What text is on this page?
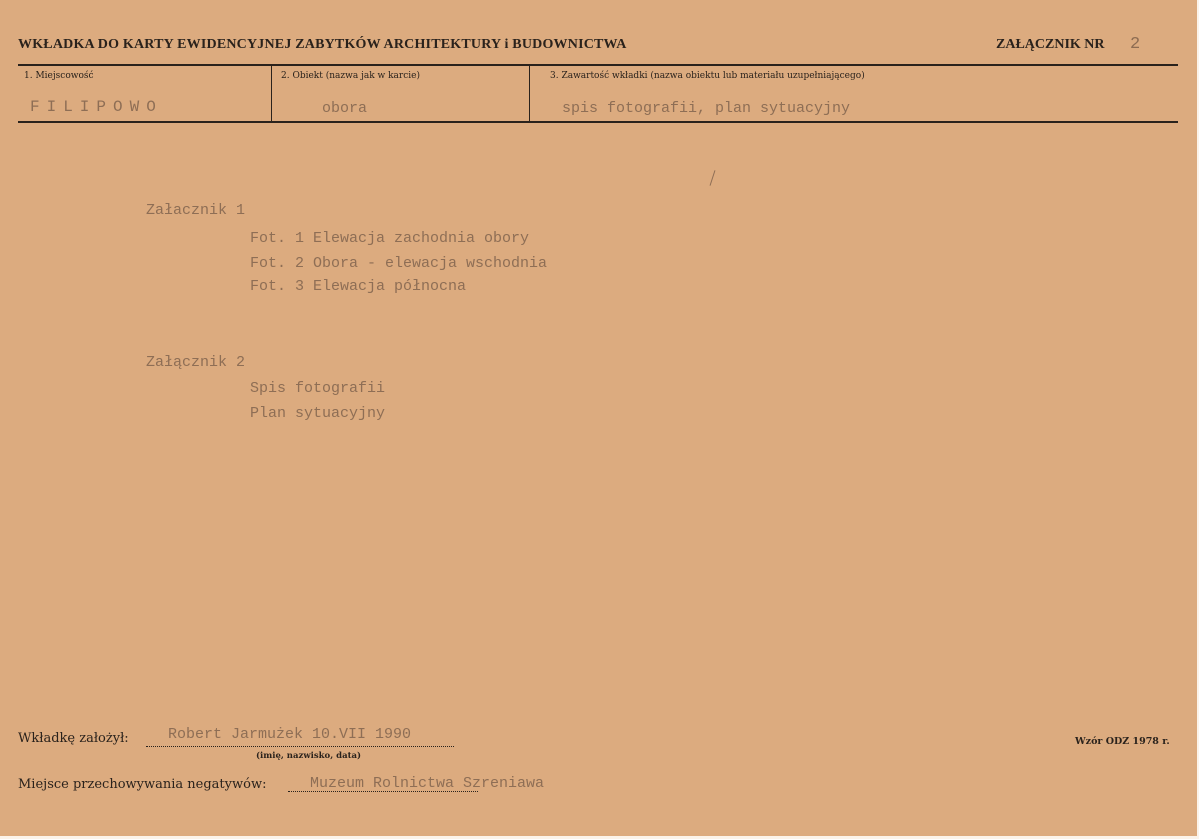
WKŁADKA DO KARTY EWIDENCYJNEJ ZABYTKÓW ARCHITEKTURY i BUDOWNICTWA	ZAŁĄCZNIK NR 2
1. Miejscowość	2. Obiekt (nazwa jak w karcie)	3. Zawartość wkładki (nazwa obiektu lub materiału uzupełniającego)
FILIPOWO	obora	spis fotografii, plan sytuacyjny
Załacznik 1
Fot. 1 Elewacja zachodnia obory
Fot. 2 Obora - elewacja wschodnia
Fot. 3 Elewacja północna
Załącznik 2
Spis fotografii
Plan sytuacyjny
Wkładkę założył:	Robert Jarmużek 10.VII 1990
(imię, nazwisko, data)
Wzór ODZ 1978 r.
Miejsce przechowywania negatywów:	Muzeum Rolnictwa Szreniawa
